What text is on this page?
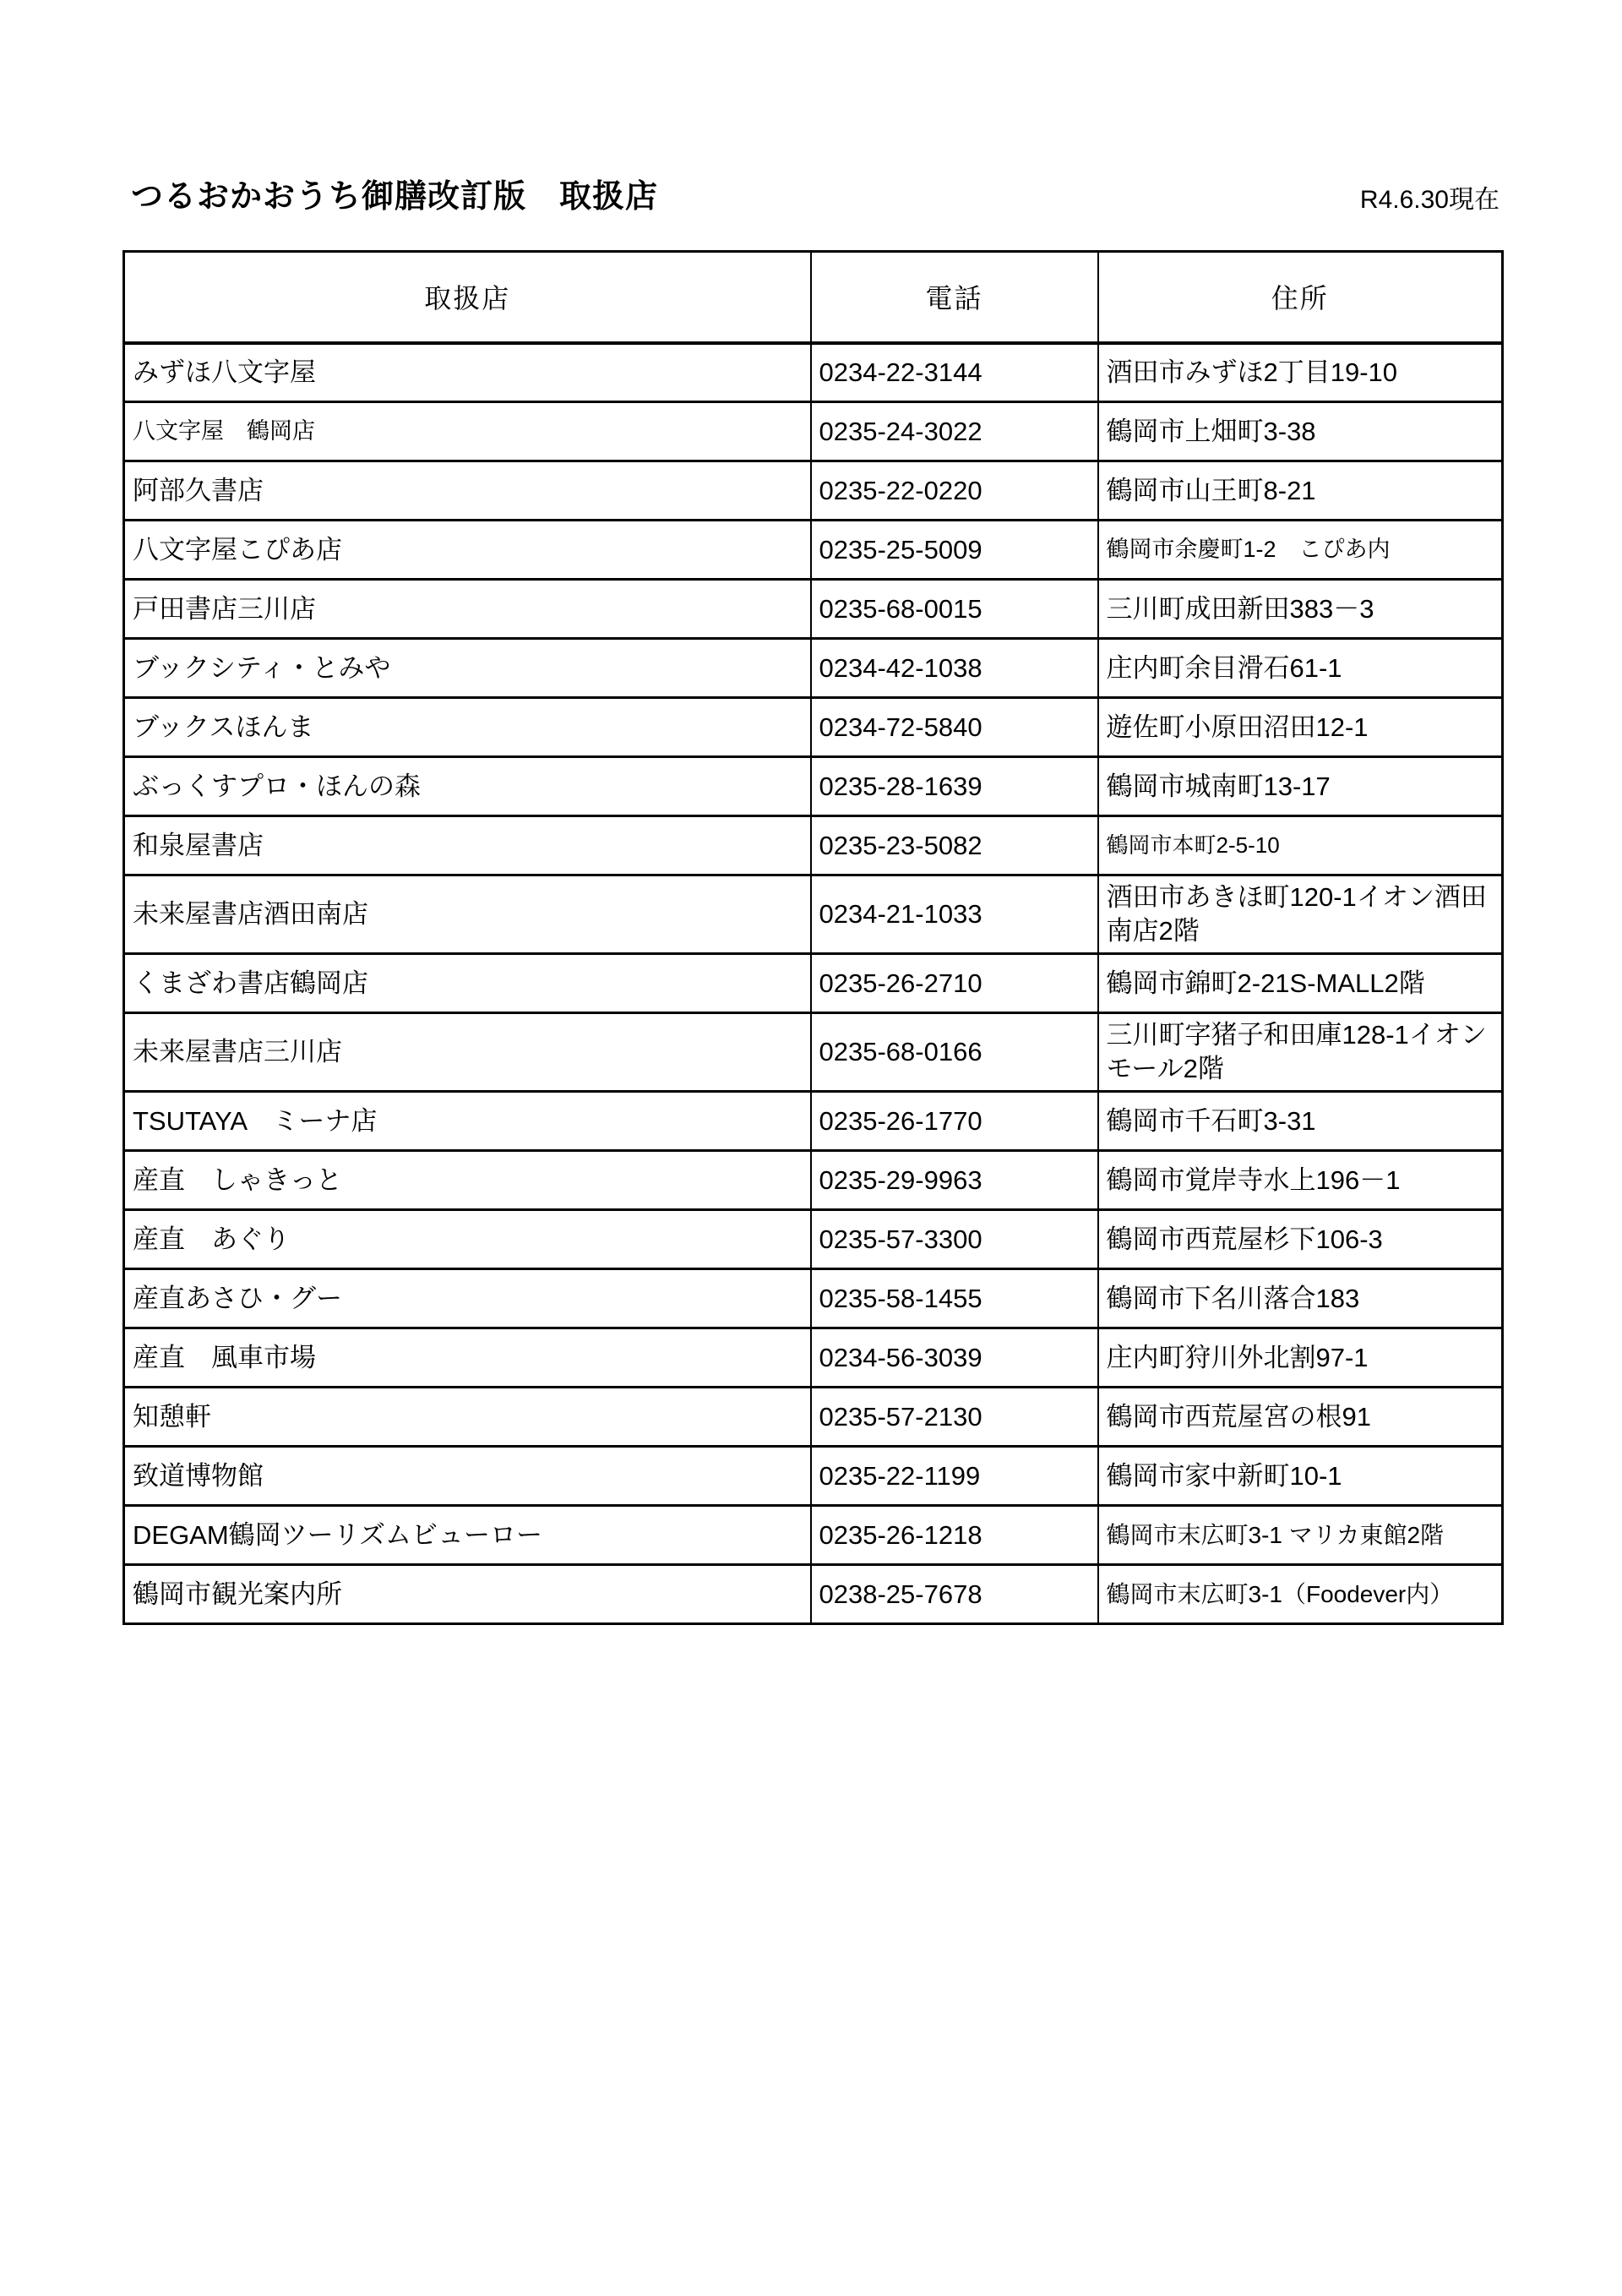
つるおかおうち御膳改訂版　取扱店	R4.6.30現在
取扱店	電話	住所
みずほ八文字屋	0234-22-3144	酒田市みずほ2丁目19-10
八文字屋　鶴岡店	0235-24-3022	鶴岡市上畑町3-38
阿部久書店	0235-22-0220	鶴岡市山王町8-21
八文字屋こぴあ店	0235-25-5009	鶴岡市余慶町1-2　こぴあ内
戸田書店三川店	0235-68-0015	三川町成田新田383－3
ブックシティ・とみや	0234-42-1038	庄内町余目滑石61-1
ブックスほんま	0234-72-5840	遊佐町小原田沼田12-1
ぶっくすプロ・ほんの森	0235-28-1639	鶴岡市城南町13-17
和泉屋書店	0235-23-5082	鶴岡市本町2-5-10
未来屋書店酒田南店	0234-21-1033	酒田市あきほ町120-1イオン酒田南店2階
くまざわ書店鶴岡店	0235-26-2710	鶴岡市錦町2-21S-MALL2階
未来屋書店三川店	0235-68-0166	三川町字猪子和田庫128-1イオンモール2階
TSUTAYA　ミーナ店	0235-26-1770	鶴岡市千石町3-31
産直　しゃきっと	0235-29-9963	鶴岡市覚岸寺水上196－1
産直　あぐり	0235-57-3300	鶴岡市西荒屋杉下106-3
産直あさひ・グー	0235-58-1455	鶴岡市下名川落合183
産直　風車市場	0234-56-3039	庄内町狩川外北割97-1
知憩軒	0235-57-2130	鶴岡市西荒屋宮の根91
致道博物館	0235-22-1199	鶴岡市家中新町10-1
DEGAM鶴岡ツーリズムビューロー	0235-26-1218	鶴岡市末広町3-1 マリカ東館2階
鶴岡市観光案内所	0238-25-7678	鶴岡市末広町3-1（Foodever内）
